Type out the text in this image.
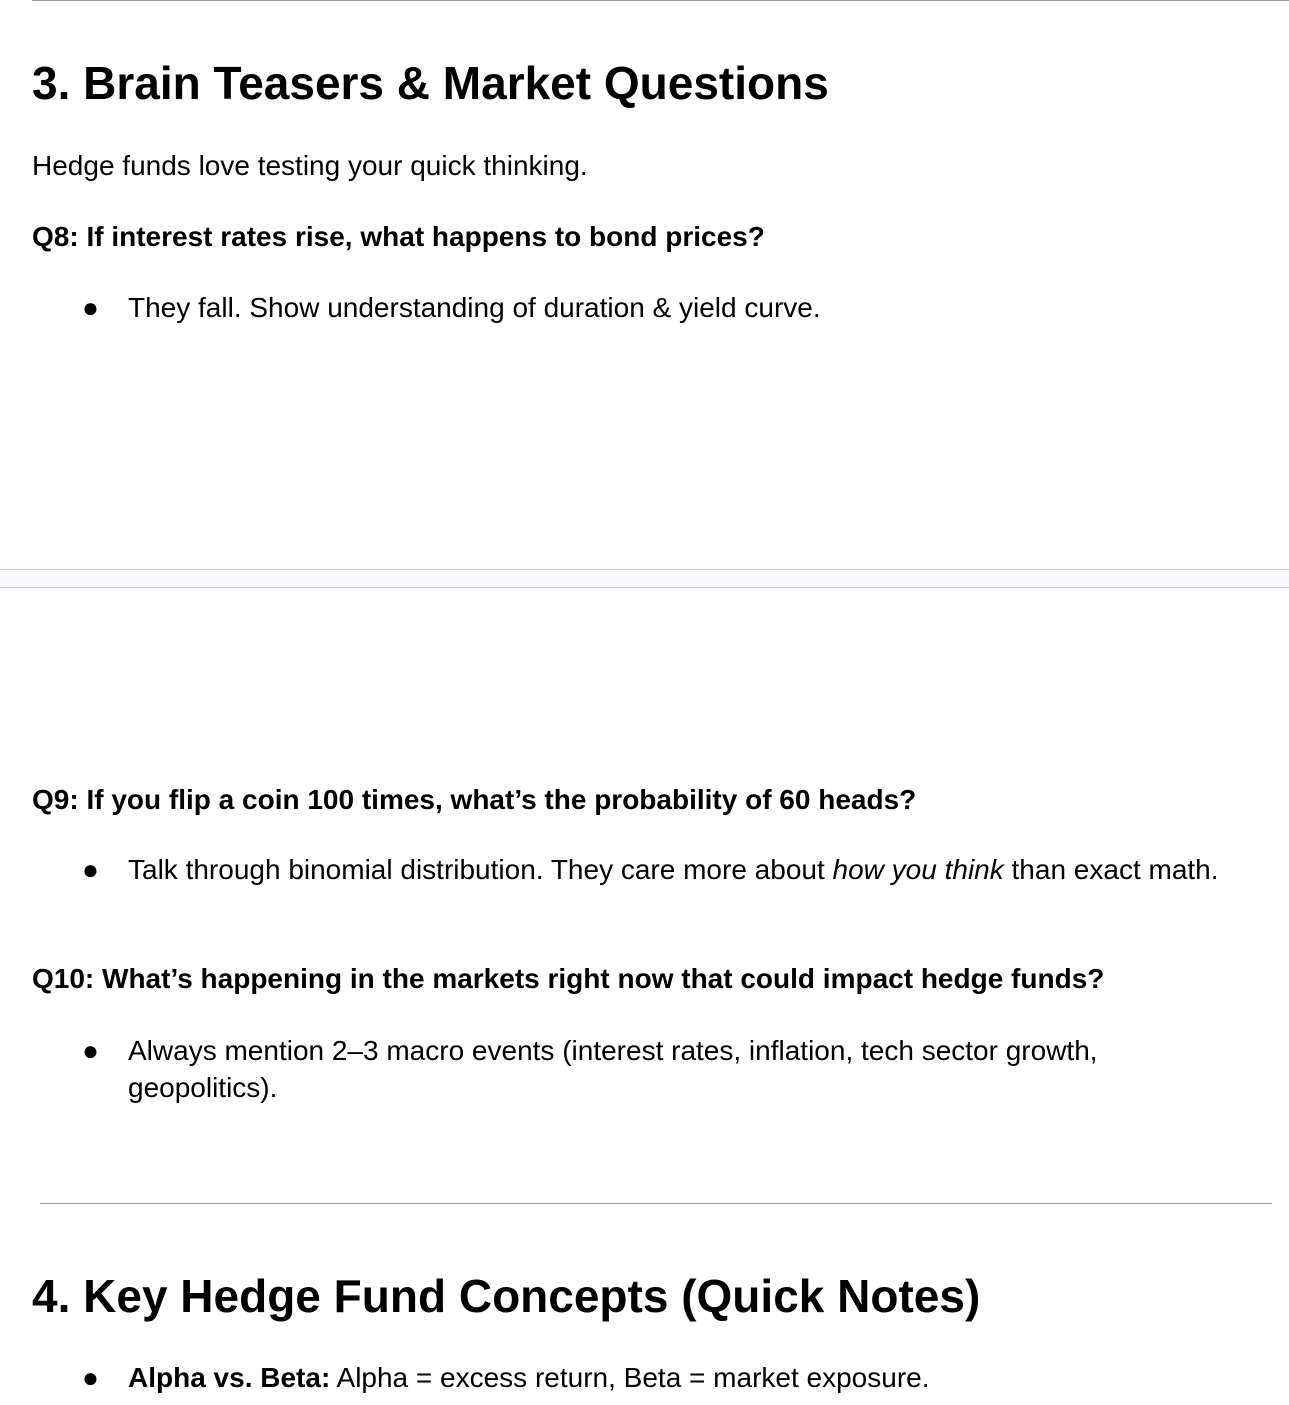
3. Brain Teasers & Market Questions

Hedge funds love testing your quick thinking.

Q8: If interest rates rise, what happens to bond prices?

● They fall. Show understanding of duration & yield curve.

Q9: If you flip a coin 100 times, what’s the probability of 60 heads?

● Talk through binomial distribution. They care more about how you think than exact math.

Q10: What’s happening in the markets right now that could impact hedge funds?

● Always mention 2–3 macro events (interest rates, inflation, tech sector growth, geopolitics).
4. Key Hedge Fund Concepts (Quick Notes)
● Alpha vs. Beta: Alpha = excess return, Beta = market exposure.
